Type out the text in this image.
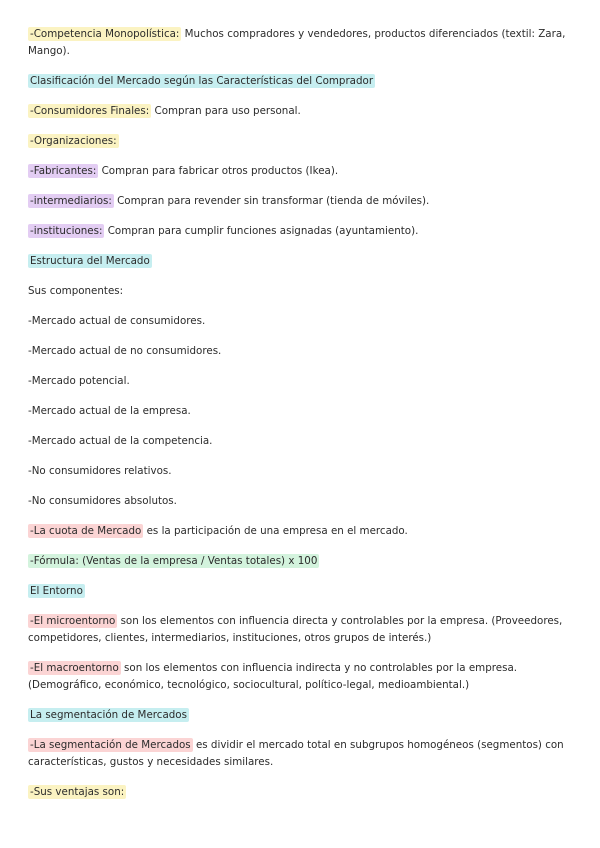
-Competencia Monopolística: Muchos compradores y vendedores, productos diferenciados (textil: Zara, Mango).

Clasificación del Mercado según las Características del Comprador

-Consumidores Finales: Compran para uso personal.

-Organizaciones:

-Fabricantes: Compran para fabricar otros productos (Ikea).

-intermediarios: Compran para revender sin transformar (tienda de móviles).

-instituciones: Compran para cumplir funciones asignadas (ayuntamiento).

Estructura del Mercado

Sus componentes:

-Mercado actual de consumidores.

-Mercado actual de no consumidores.

-Mercado potencial.

-Mercado actual de la empresa.

-Mercado actual de la competencia.

-No consumidores relativos.

-No consumidores absolutos.

-La cuota de Mercado es la participación de una empresa en el mercado.

-Fórmula: (Ventas de la empresa / Ventas totales) x 100

El Entorno

-El microentorno son los elementos con influencia directa y controlables por la empresa. (Proveedores, competidores, clientes, intermediarios, instituciones, otros grupos de interés.)

-El macroentorno son los elementos con influencia indirecta y no controlables por la empresa. (Demográfico, económico, tecnológico, sociocultural, político-legal, medioambiental.)

La segmentación de Mercados

-La segmentación de Mercados es dividir el mercado total en subgrupos homogéneos (segmentos) con características, gustos y necesidades similares.

-Sus ventajas son:
